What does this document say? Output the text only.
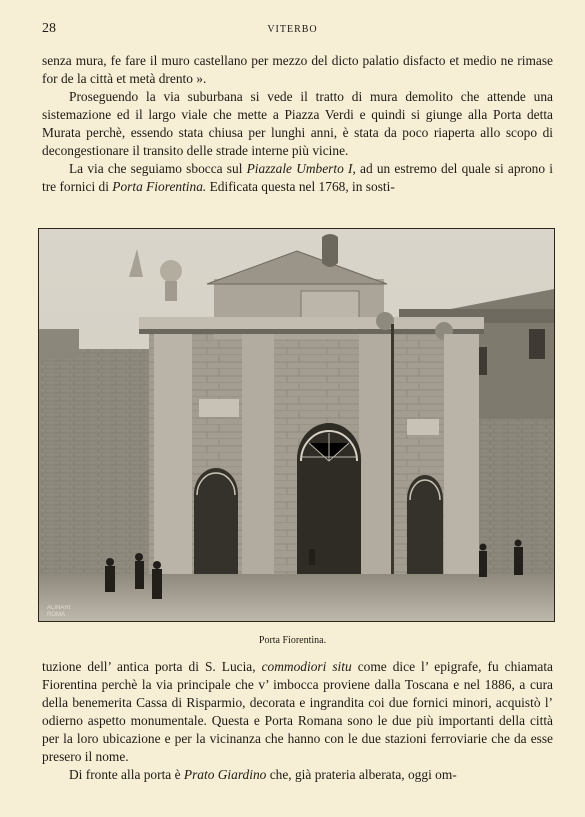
28	VITERBO

senza mura, fe fare il muro castellano per mezzo del dicto palatio disfacto et medio ne rimase for de la città et metà drento ».

Proseguendo la via suburbana si vede il tratto di mura demolito che attende una sistemazione ed il largo viale che mette a Piazza Verdi e quindi si giunge alla Porta detta Murata perchè, essendo stata chiusa per lunghi anni, è stata da poco riaperta allo scopo di decongestionare il transito delle strade interne più vicine.

La via che seguiamo sbocca sul Piazzale Umberto I, ad un estremo del quale si aprono i tre fornici di Porta Fiorentina. Edificata questa nel 1768, in sosti-

ALINARI
ROMA
Porta Fiorentina.

tuzione dell’ antica porta di S. Lucia, commodiori situ come dice l’ epigrafe, fu chiamata Fiorentina perchè la via principale che v’ imbocca proviene dalla Toscana e nel 1886, a cura della benemerita Cassa di Risparmio, decorata e ingrandita coi due fornici minori, acquistò l’ odierno aspetto monumentale. Questa e Porta Romana sono le due più importanti della città per la loro ubicazione e per la vicinanza che hanno con le due stazioni ferroviarie che da esse presero il nome.

Di fronte alla porta è Prato Giardino che, già prateria alberata, oggi om-
